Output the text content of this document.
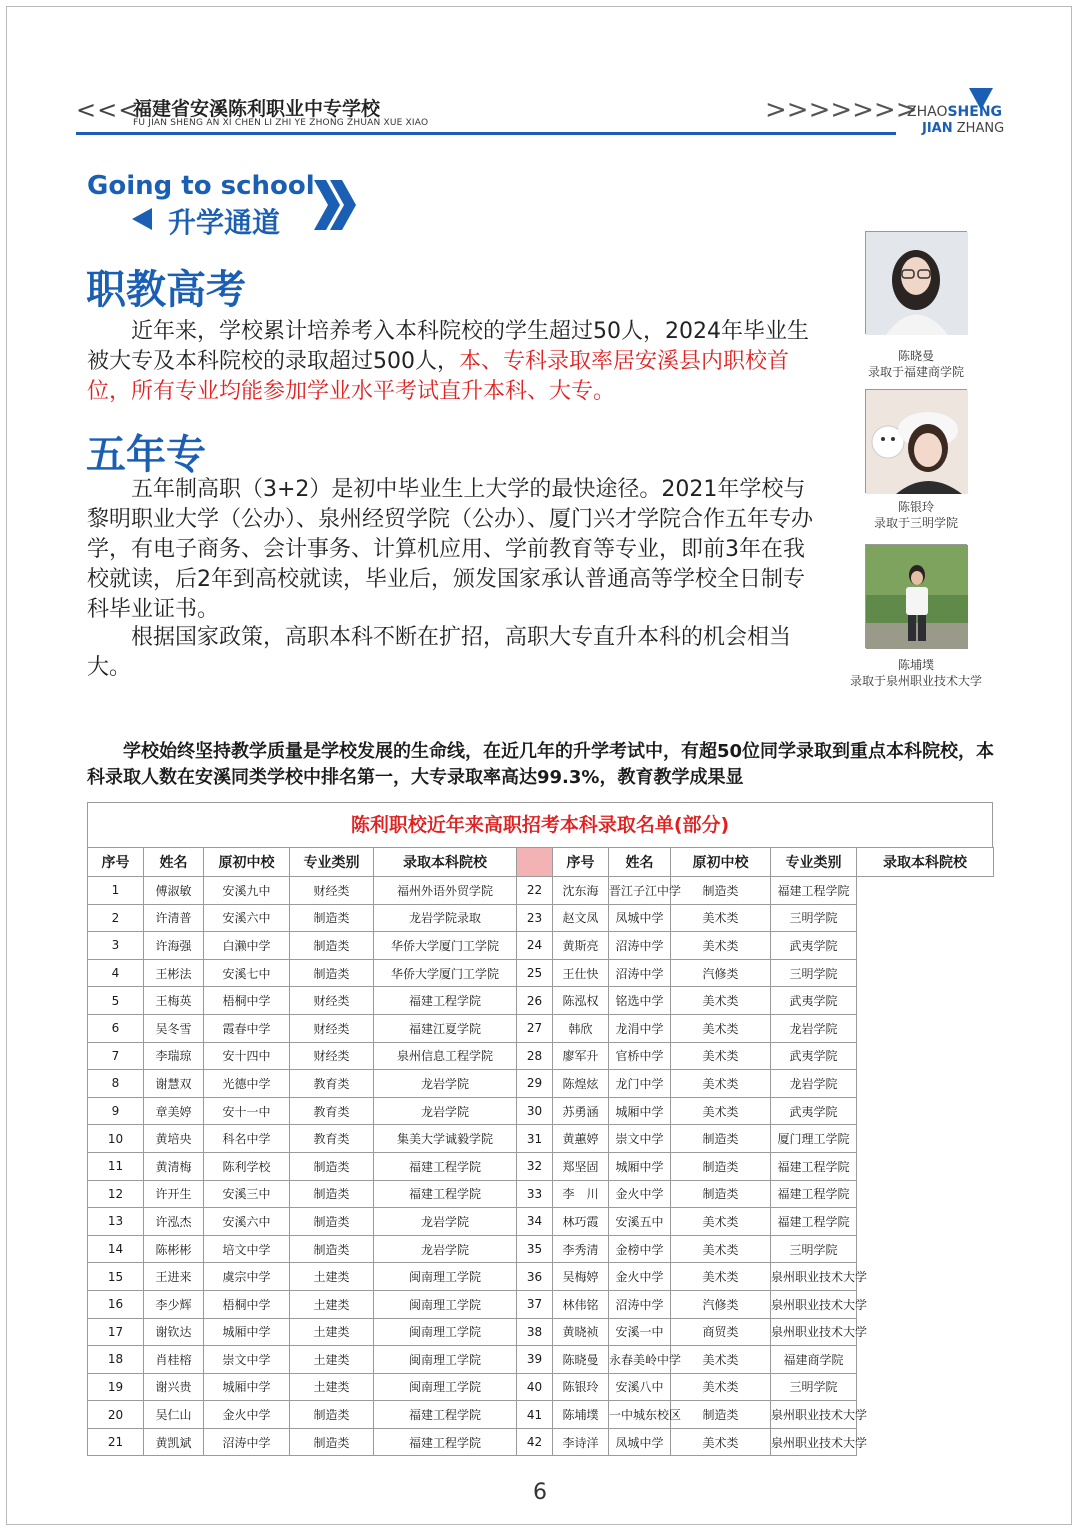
<<<
福建省安溪陈利职业中专学校
FU JIAN SHENG AN XI CHEN LI ZHI YE ZHONG ZHUAN XUE XIAO	>>>>>>>
ZHAOSHENG
JIAN ZHANG
Going to school
升学通道
职教高考
近年来，学校累计培养考入本科院校的学生超过50人，2024年毕业生被大专及本科院校的录取超过500人，本、专科录取率居安溪县内职校首位，所有专业均能参加学业水平考试直升本科、大专。
五年专
五年制高职（3+2）是初中毕业生上大学的最快途径。2021年学校与黎明职业大学（公办）、泉州经贸学院（公办）、厦门兴才学院合作五年专办学，有电子商务、会计事务、计算机应用、学前教育等专业，即前3年在我校就读，后2年到高校就读，毕业后，颁发国家承认普通高等学校全日制专科毕业证书。
根据国家政策，高职本科不断在扩招，高职大专直升本科的机会相当大。
陈晓曼
录取于福建商学院
陈银玲
录取于三明学院
陈埔墣
录取于泉州职业技术大学
学校始终坚持教学质量是学校发展的生命线，在近几年的升学考试中，有超50位同学录取到重点本科院校，本科录取人数在安溪同类学校中排名第一，大专录取率高达99.3%，教育教学成果显
陈利职校近年来高职招考本科录取名单(部分)
序号	姓名	原初中校	专业类别	录取本科院校		序号	姓名	原初中校	专业类别	录取本科院校
1	傅淑敏	安溪九中	财经类	福州外语外贸学院	22	沈东海	晋江子江中学	制造类	福建工程学院	
2	许清普	安溪六中	制造类	龙岩学院录取	23	赵文凤	凤城中学	美术类	三明学院	
3	许海强	白濑中学	制造类	华侨大学厦门工学院	24	黄斯亮	沼涛中学	美术类	武夷学院	
4	王彬法	安溪七中	制造类	华侨大学厦门工学院	25	王仕快	沼涛中学	汽修类	三明学院	
5	王梅英	梧桐中学	财经类	福建工程学院	26	陈泓权	铭选中学	美术类	武夷学院	
6	吴冬雪	霞春中学	财经类	福建江夏学院	27	韩欣	龙涓中学	美术类	龙岩学院	
7	李瑞琼	安十四中	财经类	泉州信息工程学院	28	廖军升	官桥中学	美术类	武夷学院	
8	谢慧双	光德中学	教育类	龙岩学院	29	陈煌炫	龙门中学	美术类	龙岩学院	
9	章美婷	安十一中	教育类	龙岩学院	30	苏勇涵	城厢中学	美术类	武夷学院	
10	黄培央	科名中学	教育类	集美大学诚毅学院	31	黄蕙婷	崇文中学	制造类	厦门理工学院	
11	黄清梅	陈利学校	制造类	福建工程学院	32	郑坚固	城厢中学	制造类	福建工程学院	
12	许开生	安溪三中	制造类	福建工程学院	33	李　川	金火中学	制造类	福建工程学院	
13	许泓杰	安溪六中	制造类	龙岩学院	34	林巧霞	安溪五中	美术类	福建工程学院	
14	陈彬彬	培文中学	制造类	龙岩学院	35	李秀清	金榜中学	美术类	三明学院	
15	王进来	虞宗中学	土建类	闽南理工学院	36	吴梅婷	金火中学	美术类	泉州职业技术大学	
16	李少辉	梧桐中学	土建类	闽南理工学院	37	林伟铭	沼涛中学	汽修类	泉州职业技术大学	
17	谢钦达	城厢中学	土建类	闽南理工学院	38	黄晓祯	安溪一中	商贸类	泉州职业技术大学	
18	肖桂榕	崇文中学	土建类	闽南理工学院	39	陈晓曼	永春美岭中学	美术类	福建商学院	
19	谢兴贵	城厢中学	土建类	闽南理工学院	40	陈银玲	安溪八中	美术类	三明学院	
20	吴仁山	金火中学	制造类	福建工程学院	41	陈埔墣	一中城东校区	制造类	泉州职业技术大学	
21	黄凯斌	沼涛中学	制造类	福建工程学院	42	李诗洋	凤城中学	美术类	泉州职业技术大学	
6
